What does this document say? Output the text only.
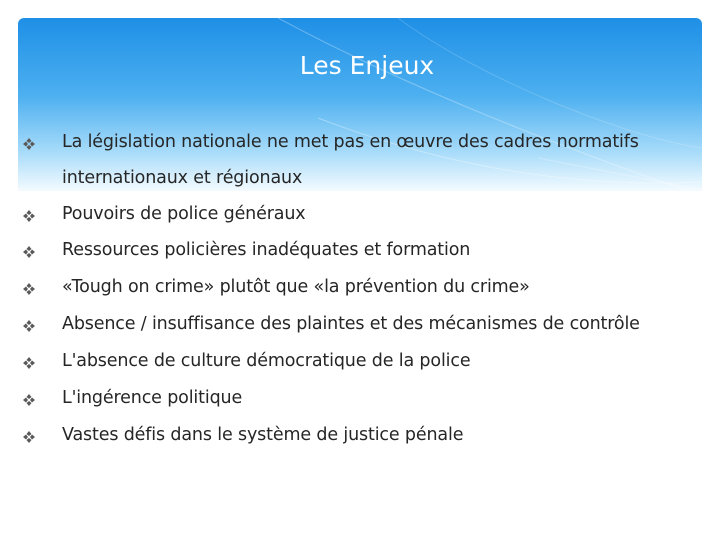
Les Enjeux
La législation nationale ne met pas en œuvre des cadres normatifs internationaux et régionaux
Pouvoirs de police généraux
Ressources policières inadéquates et formation
«Tough on crime» plutôt que «la prévention du crime»
Absence / insuffisance des plaintes et des mécanismes de contrôle
L'absence de culture démocratique de la police
L'ingérence politique
Vastes défis dans le système de justice pénale
